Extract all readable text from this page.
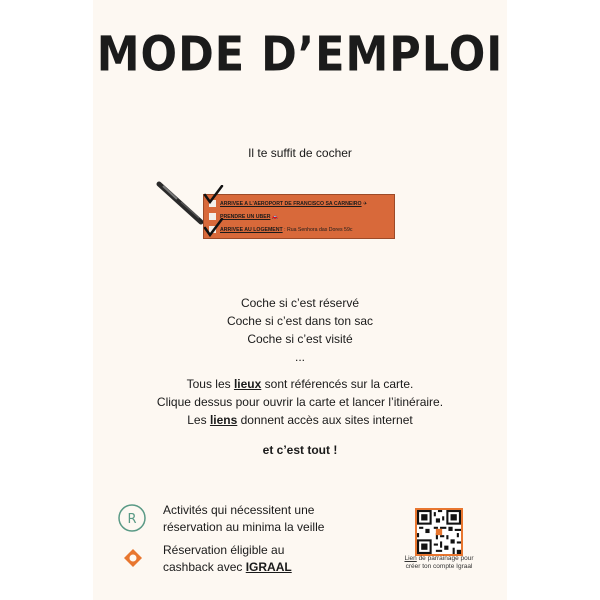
MODE D’EMPLOI
Il te suffit de cocher
ARRIVEE A L'AEROPORT DE FRANCISCO SA CARNEIRO ✈
PRENDRE UN UBER 🚗
ARRIVEE AU LOGEMENT : Rua Senhora das Dores 59c
Coche si c’est réservé
Coche si c’est dans ton sac
Coche si c’est visité
...
Tous les lieux sont référencés sur la carte.
Clique dessus pour ouvrir la carte et lancer l’itinéraire.
Les liens donnent accès aux sites internet
et c’est tout !
R
Activités qui nécessitent une
réservation au minima la veille
Réservation éligible au
cashback avec IGRAAL
Lien de parrainage pour
créer ton compte Igraal
